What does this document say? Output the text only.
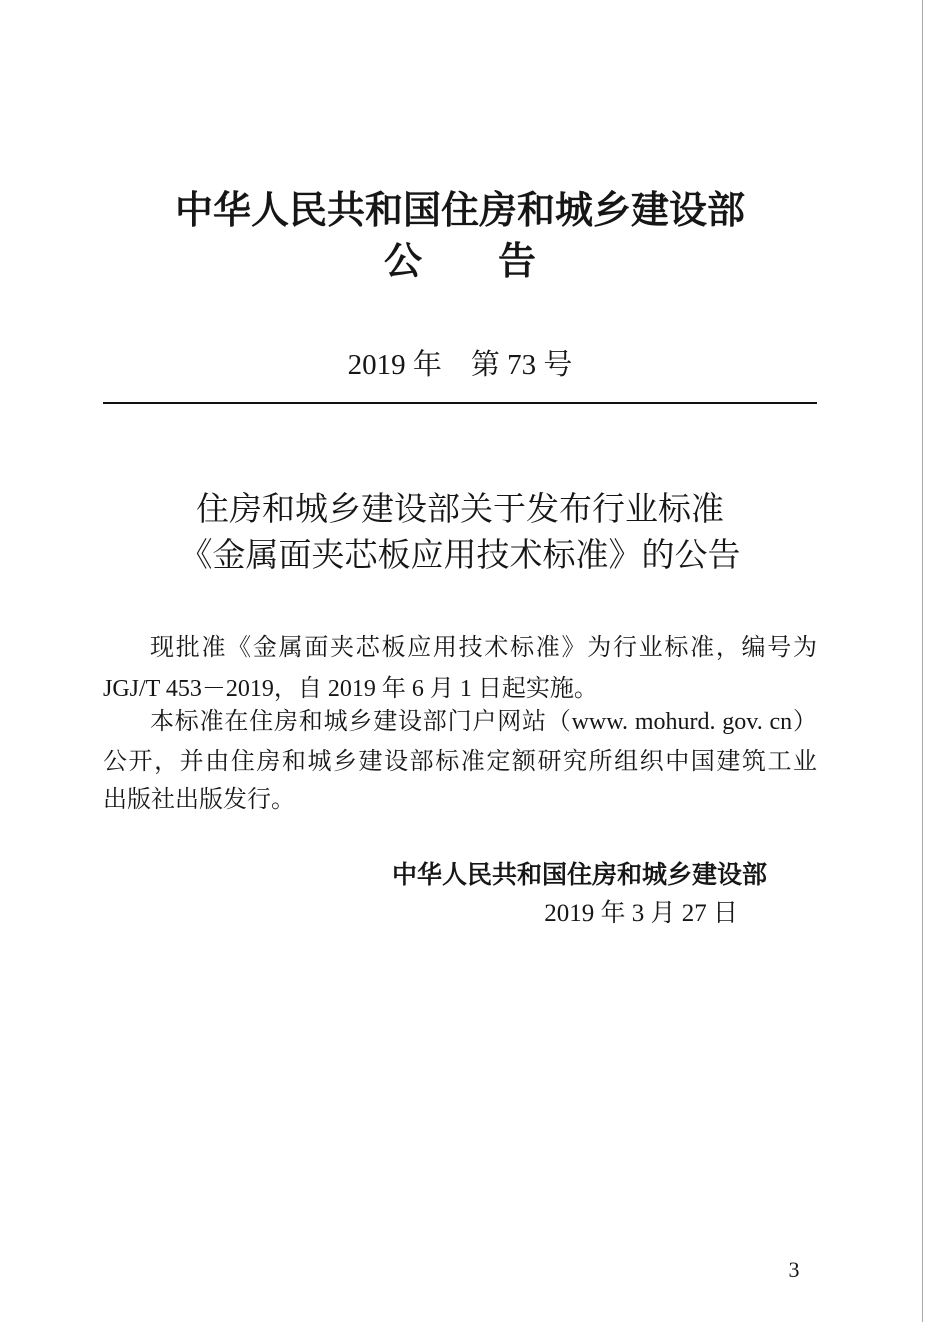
中华人民共和国住房和城乡建设部
公　　告
2019 年　第 73 号
住房和城乡建设部关于发布行业标准
《金属面夹芯板应用技术标准》的公告
现批准《金属面夹芯板应用技术标准》为行业标准，编号为
JGJ/T 453－2019，自 2019 年 6 月 1 日起实施。
本标准在住房和城乡建设部门户网站（www. mohurd. gov. cn）
公开，并由住房和城乡建设部标准定额研究所组织中国建筑工业
出版社出版发行。
中华人民共和国住房和城乡建设部
2019 年 3 月 27 日
3
